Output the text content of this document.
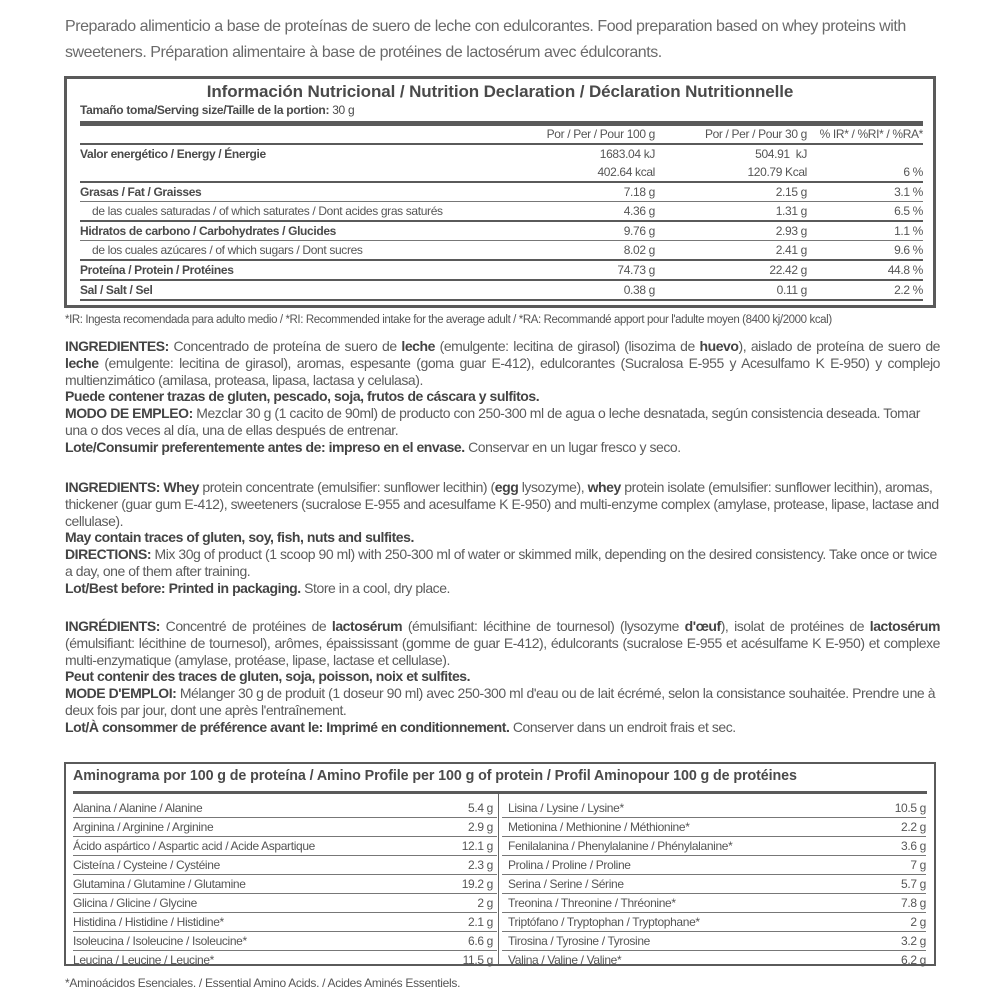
Preparado alimenticio a base de proteínas de suero de leche con edulcorantes. Food preparation based on whey proteins with
sweeteners. Préparation alimentaire à base de protéines de lactosérum avec édulcorants.
Información Nutricional / Nutrition Declaration / Déclaration Nutritionnelle
Tamaño toma/Serving size/Taille de la portion: 30 g
	Por / Per / Pour 100 g	Por / Per / Pour 30 g	% IR* / %RI* / %RA*
Valor energético / Energy / Énergie	1683.04 kJ	504.91  kJ	
	402.64 kcal	120.79 Kcal	6 %
Grasas / Fat / Graisses	7.18 g	2.15 g	3.1 %
de las cuales saturadas / of which saturates / Dont acides gras saturés	4.36 g	1.31 g	6.5 %
Hidratos de carbono / Carbohydrates / Glucides	9.76 g	2.93 g	1.1 %
de los cuales azúcares / of which sugars / Dont sucres	8.02 g	2.41 g	9.6 %
Proteína / Protein / Protéines	74.73 g	22.42 g	44.8 %
Sal / Salt / Sel	0.38 g	0.11 g	2.2 %
*IR: Ingesta recomendada para adulto medio / *RI: Recommended intake for the average adult / *RA: Recommandé apport pour l'adulte moyen (8400 kj/2000 kcal)
INGREDIENTES: Concentrado de proteína de suero de leche (emulgente: lecitina de girasol) (lisozima de huevo), aislado de proteína de suero de leche (emulgente: lecitina de girasol), aromas, espesante (goma guar E-412), edulcorantes (Sucralosa E-955 y Acesulfamo K E-950) y complejo multienzimático (amilasa, proteasa, lipasa, lactasa y celulasa).
Puede contener trazas de gluten, pescado, soja, frutos de cáscara y sulfitos.
MODO DE EMPLEO: Mezclar 30 g (1 cacito de 90ml) de producto con 250-300 ml de agua o leche desnatada, según consistencia deseada. Tomar una o dos veces al día, una de ellas después de entrenar.
Lote/Consumir preferentemente antes de: impreso en el envase. Conservar en un lugar fresco y seco.
INGREDIENTS: Whey protein concentrate (emulsifier: sunflower lecithin) (egg lysozyme), whey protein isolate (emulsifier: sunflower lecithin), aromas, thickener (guar gum E-412), sweeteners (sucralose E-955 and acesulfame K E-950) and multi-enzyme complex (amylase, protease, lipase, lactase and cellulase).
May contain traces of gluten, soy, fish, nuts and sulfites.
DIRECTIONS: Mix 30g of product (1 scoop 90 ml) with 250-300 ml of water or skimmed milk, depending on the desired consistency. Take once or twice a day, one of them after training.
Lot/Best before: Printed in packaging. Store in a cool, dry place.
INGRÉDIENTS: Concentré de protéines de lactosérum (émulsifiant: lécithine de tournesol) (lysozyme d'œuf), isolat de protéines de lactosérum (émulsifiant: lécithine de tournesol), arômes, épaississant (gomme de guar E-412), édulcorants (sucralose E-955 et acésulfame K E-950) et complexe multi-enzymatique (amylase, protéase, lipase, lactase et cellulase).
Peut contenir des traces de gluten, soja, poisson, noix et sulfites.
MODE D'EMPLOI: Mélanger 30 g de produit (1 doseur 90 ml) avec 250-300 ml d'eau ou de lait écrémé, selon la consistance souhaitée. Prendre une à deux fois par jour, dont une après l'entraînement.
Lot/À consommer de préférence avant le: Imprimé en conditionnement. Conserver dans un endroit frais et sec.
Aminograma por 100 g de proteína / Amino Profile per 100 g of protein / Profil Aminopour 100 g de protéines
Alanina / Alanine / Alanine	5.4 g
Arginina / Arginine / Arginine	2.9 g
Ácido aspártico / Aspartic acid / Acide Aspartique	12.1 g
Cisteína / Cysteine / Cystéine	2.3 g
Glutamina / Glutamine / Glutamine	19.2 g
Glicina / Glicine / Glycine	2 g
Histidina / Histidine / Histidine*	2.1 g
Isoleucina / Isoleucine / Isoleucine*	6.6 g
Leucina / Leucine / Leucine*	11.5 g
Lisina / Lysine / Lysine*	10.5 g
Metionina / Methionine / Méthionine*	2.2 g
Fenilalanina / Phenylalanine / Phénylalanine*	3.6 g
Prolina / Proline / Proline	7 g
Serina / Serine / Sérine	5.7 g
Treonina / Threonine / Thréonine*	7.8 g
Triptófano / Tryptophan / Tryptophane*	2 g
Tirosina / Tyrosine / Tyrosine	3.2 g
Valina / Valine / Valine*	6.2 g
*Aminoácidos Esenciales. / Essential Amino Acids. / Acides Aminés Essentiels.
